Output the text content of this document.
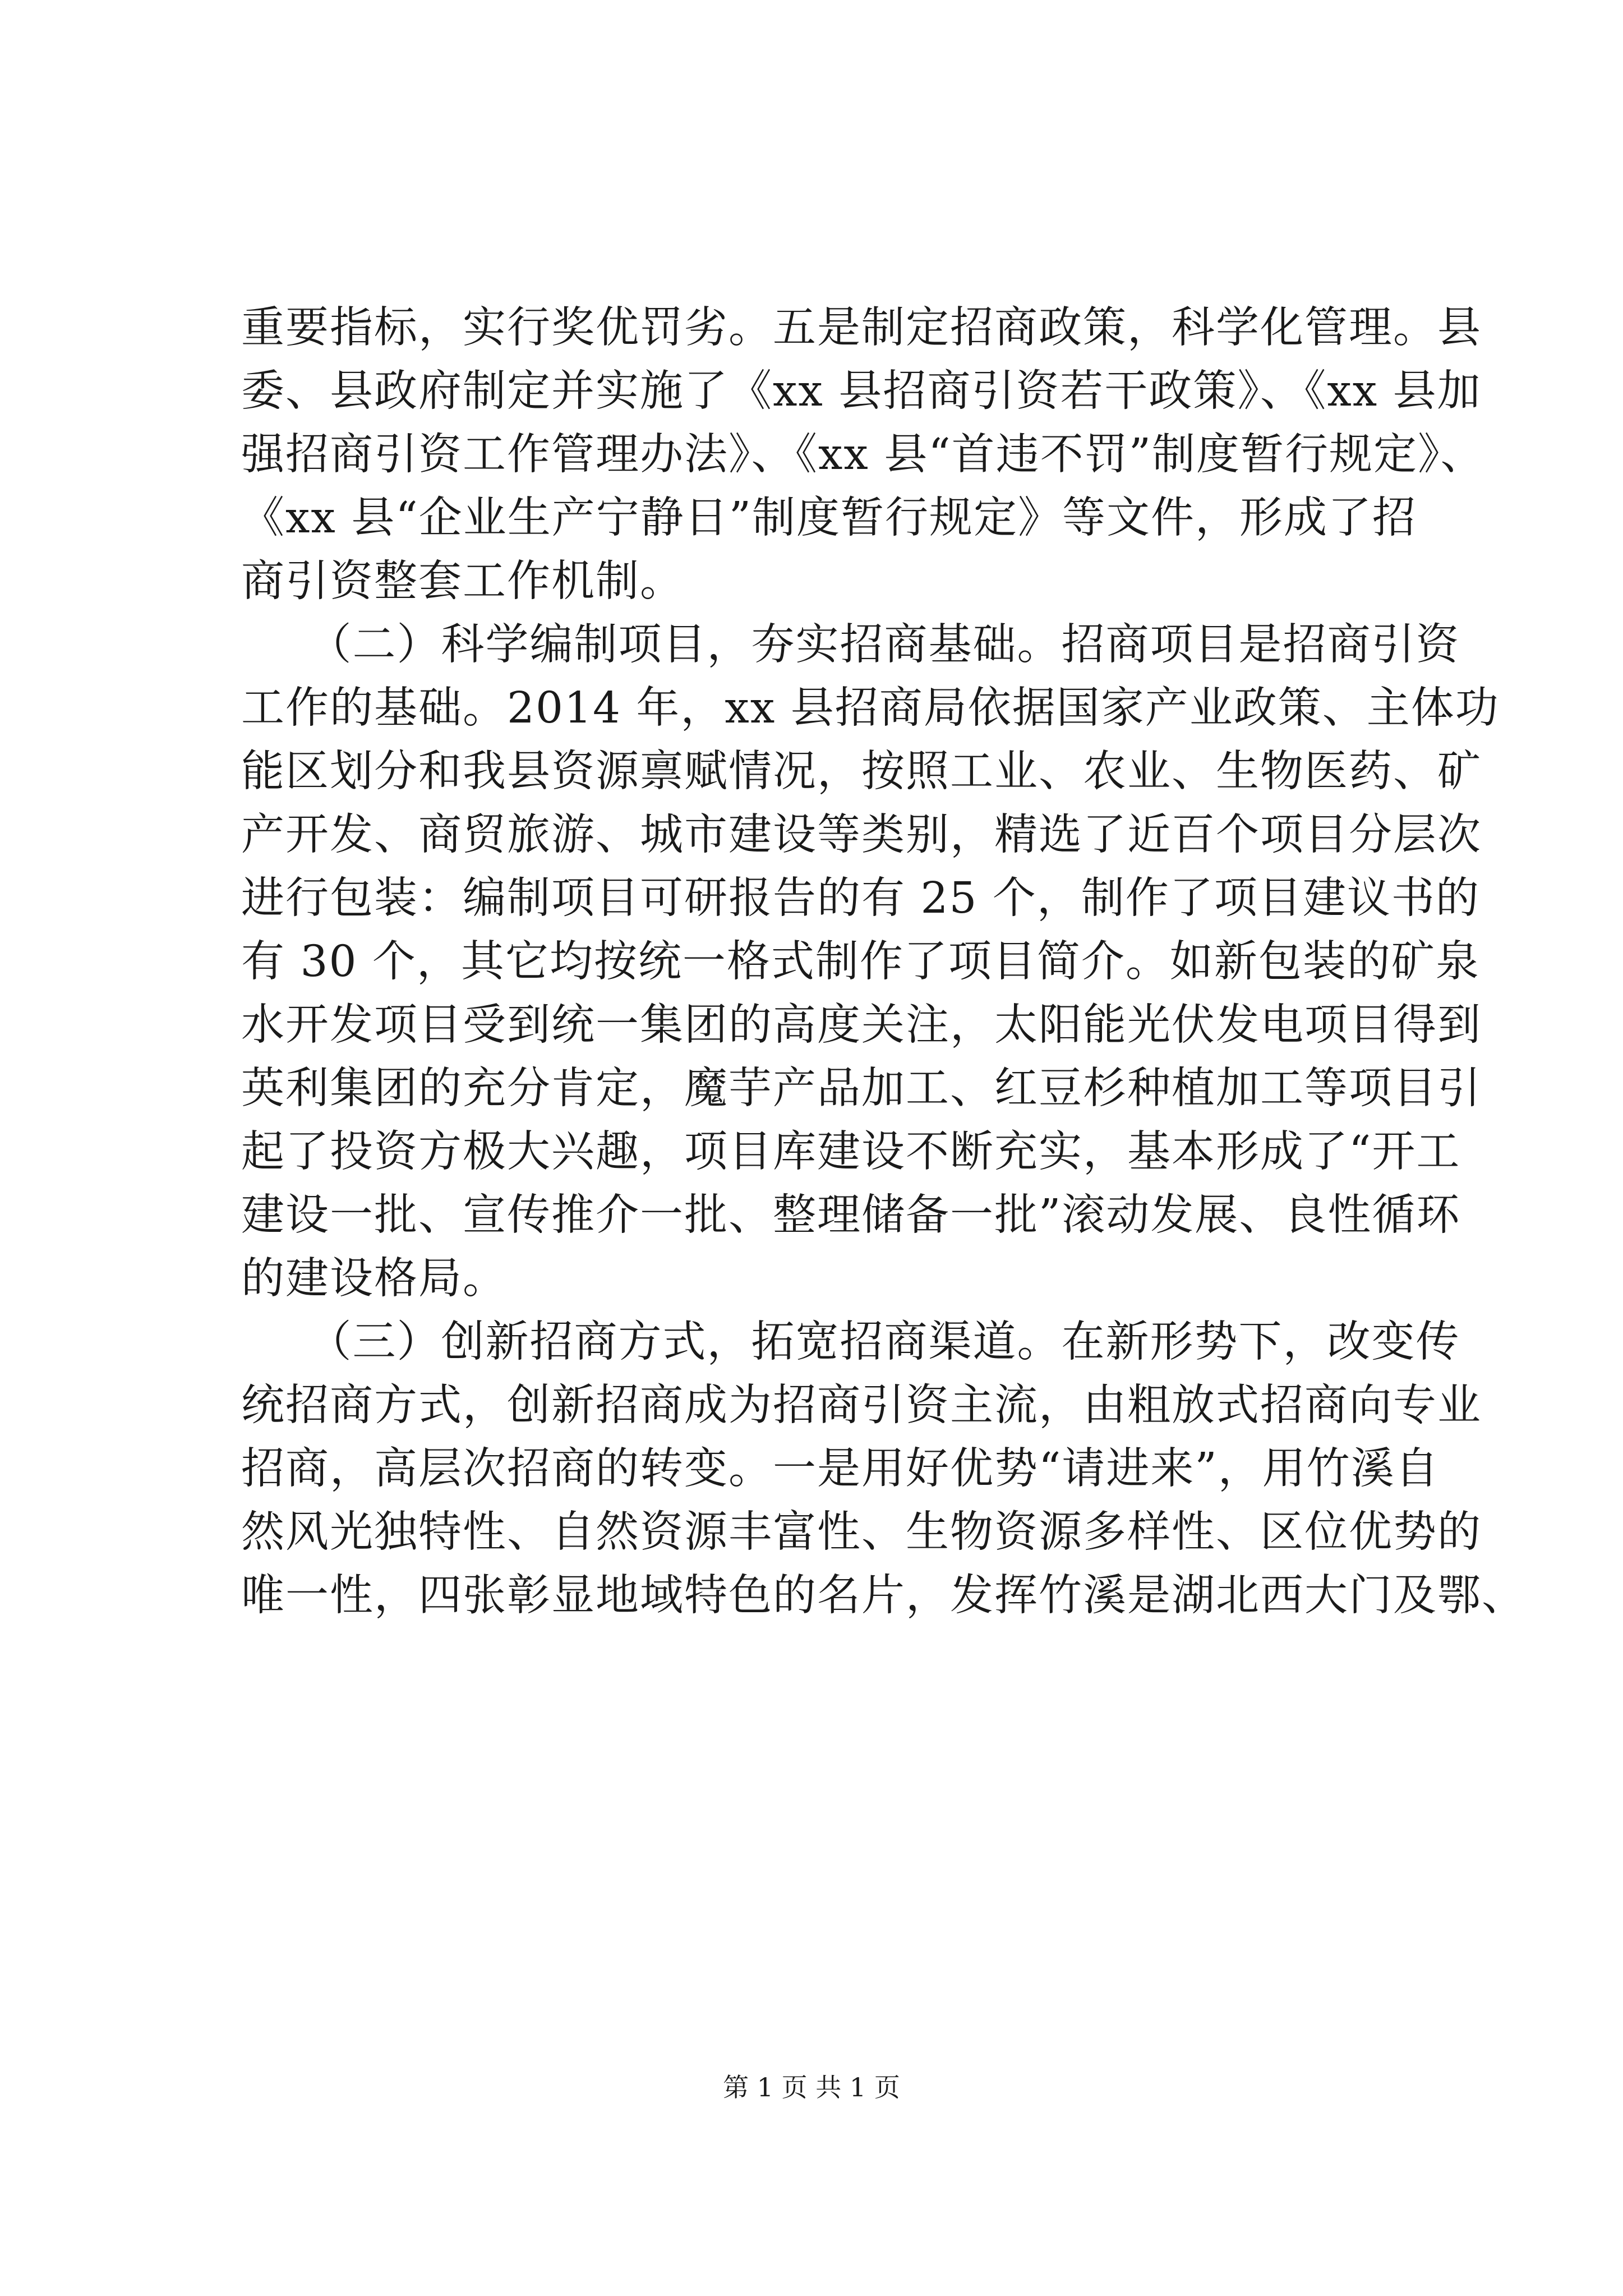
重要指标，实行奖优罚劣。五是制定招商政策，科学化管理。县
委、县政府制定并实施了《xx 县招商引资若干政策》、《xx 县加
强招商引资工作管理办法》、《xx 县“首违不罚”制度暂行规定》、
《xx 县“企业生产宁静日”制度暂行规定》等文件，形成了招
商引资整套工作机制。
　　（二）科学编制项目，夯实招商基础。招商项目是招商引资
工作的基础。2014 年，xx 县招商局依据国家产业政策、主体功
能区划分和我县资源禀赋情况，按照工业、农业、生物医药、矿
产开发、商贸旅游、城市建设等类别，精选了近百个项目分层次
进行包装：编制项目可研报告的有 25 个，制作了项目建议书的
有 30 个，其它均按统一格式制作了项目简介。如新包装的矿泉
水开发项目受到统一集团的高度关注，太阳能光伏发电项目得到
英利集团的充分肯定，魔芋产品加工、红豆杉种植加工等项目引
起了投资方极大兴趣，项目库建设不断充实，基本形成了“开工
建设一批、宣传推介一批、整理储备一批”滚动发展、良性循环
的建设格局。
　　（三）创新招商方式，拓宽招商渠道。在新形势下，改变传
统招商方式，创新招商成为招商引资主流，由粗放式招商向专业
招商，高层次招商的转变。一是用好优势“请进来”，用竹溪自
然风光独特性、自然资源丰富性、生物资源多样性、区位优势的
唯一性，四张彰显地域特色的名片，发挥竹溪是湖北西大门及鄂、
第 1 页 共 1 页
